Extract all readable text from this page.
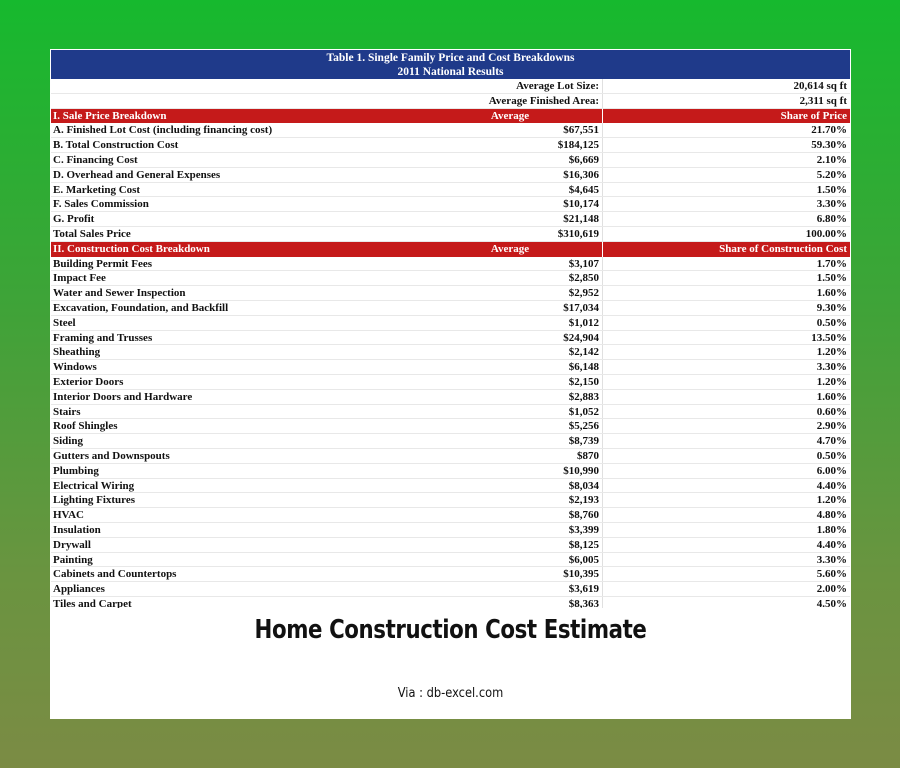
Table 1. Single Family Price and Cost Breakdowns
2011 National Results
Average Lot Size:	20,614 sq ft
Average Finished Area:	2,311 sq ft
I. Sale Price Breakdown	Average	Share of Price
A. Finished Lot Cost (including financing cost)	$67,551	21.70%
B. Total Construction Cost	$184,125	59.30%
C. Financing Cost	$6,669	2.10%
D. Overhead and General Expenses	$16,306	5.20%
E. Marketing Cost	$4,645	1.50%
F. Sales Commission	$10,174	3.30%
G. Profit	$21,148	6.80%
Total Sales Price	$310,619	100.00%
II. Construction Cost Breakdown	Average	Share of Construction Cost
Building Permit Fees	$3,107	1.70%
Impact Fee	$2,850	1.50%
Water and Sewer Inspection	$2,952	1.60%
Excavation, Foundation, and Backfill	$17,034	9.30%
Steel	$1,012	0.50%
Framing and Trusses	$24,904	13.50%
Sheathing	$2,142	1.20%
Windows	$6,148	3.30%
Exterior Doors	$2,150	1.20%
Interior Doors and Hardware	$2,883	1.60%
Stairs	$1,052	0.60%
Roof Shingles	$5,256	2.90%
Siding	$8,739	4.70%
Gutters and Downspouts	$870	0.50%
Plumbing	$10,990	6.00%
Electrical Wiring	$8,034	4.40%
Lighting Fixtures	$2,193	1.20%
HVAC	$8,760	4.80%
Insulation	$3,399	1.80%
Drywall	$8,125	4.40%
Painting	$6,005	3.30%
Cabinets and Countertops	$10,395	5.60%
Appliances	$3,619	2.00%
Tiles and Carpet	$8,363	4.50%
Home Construction Cost Estimate
Via : db-excel.com
